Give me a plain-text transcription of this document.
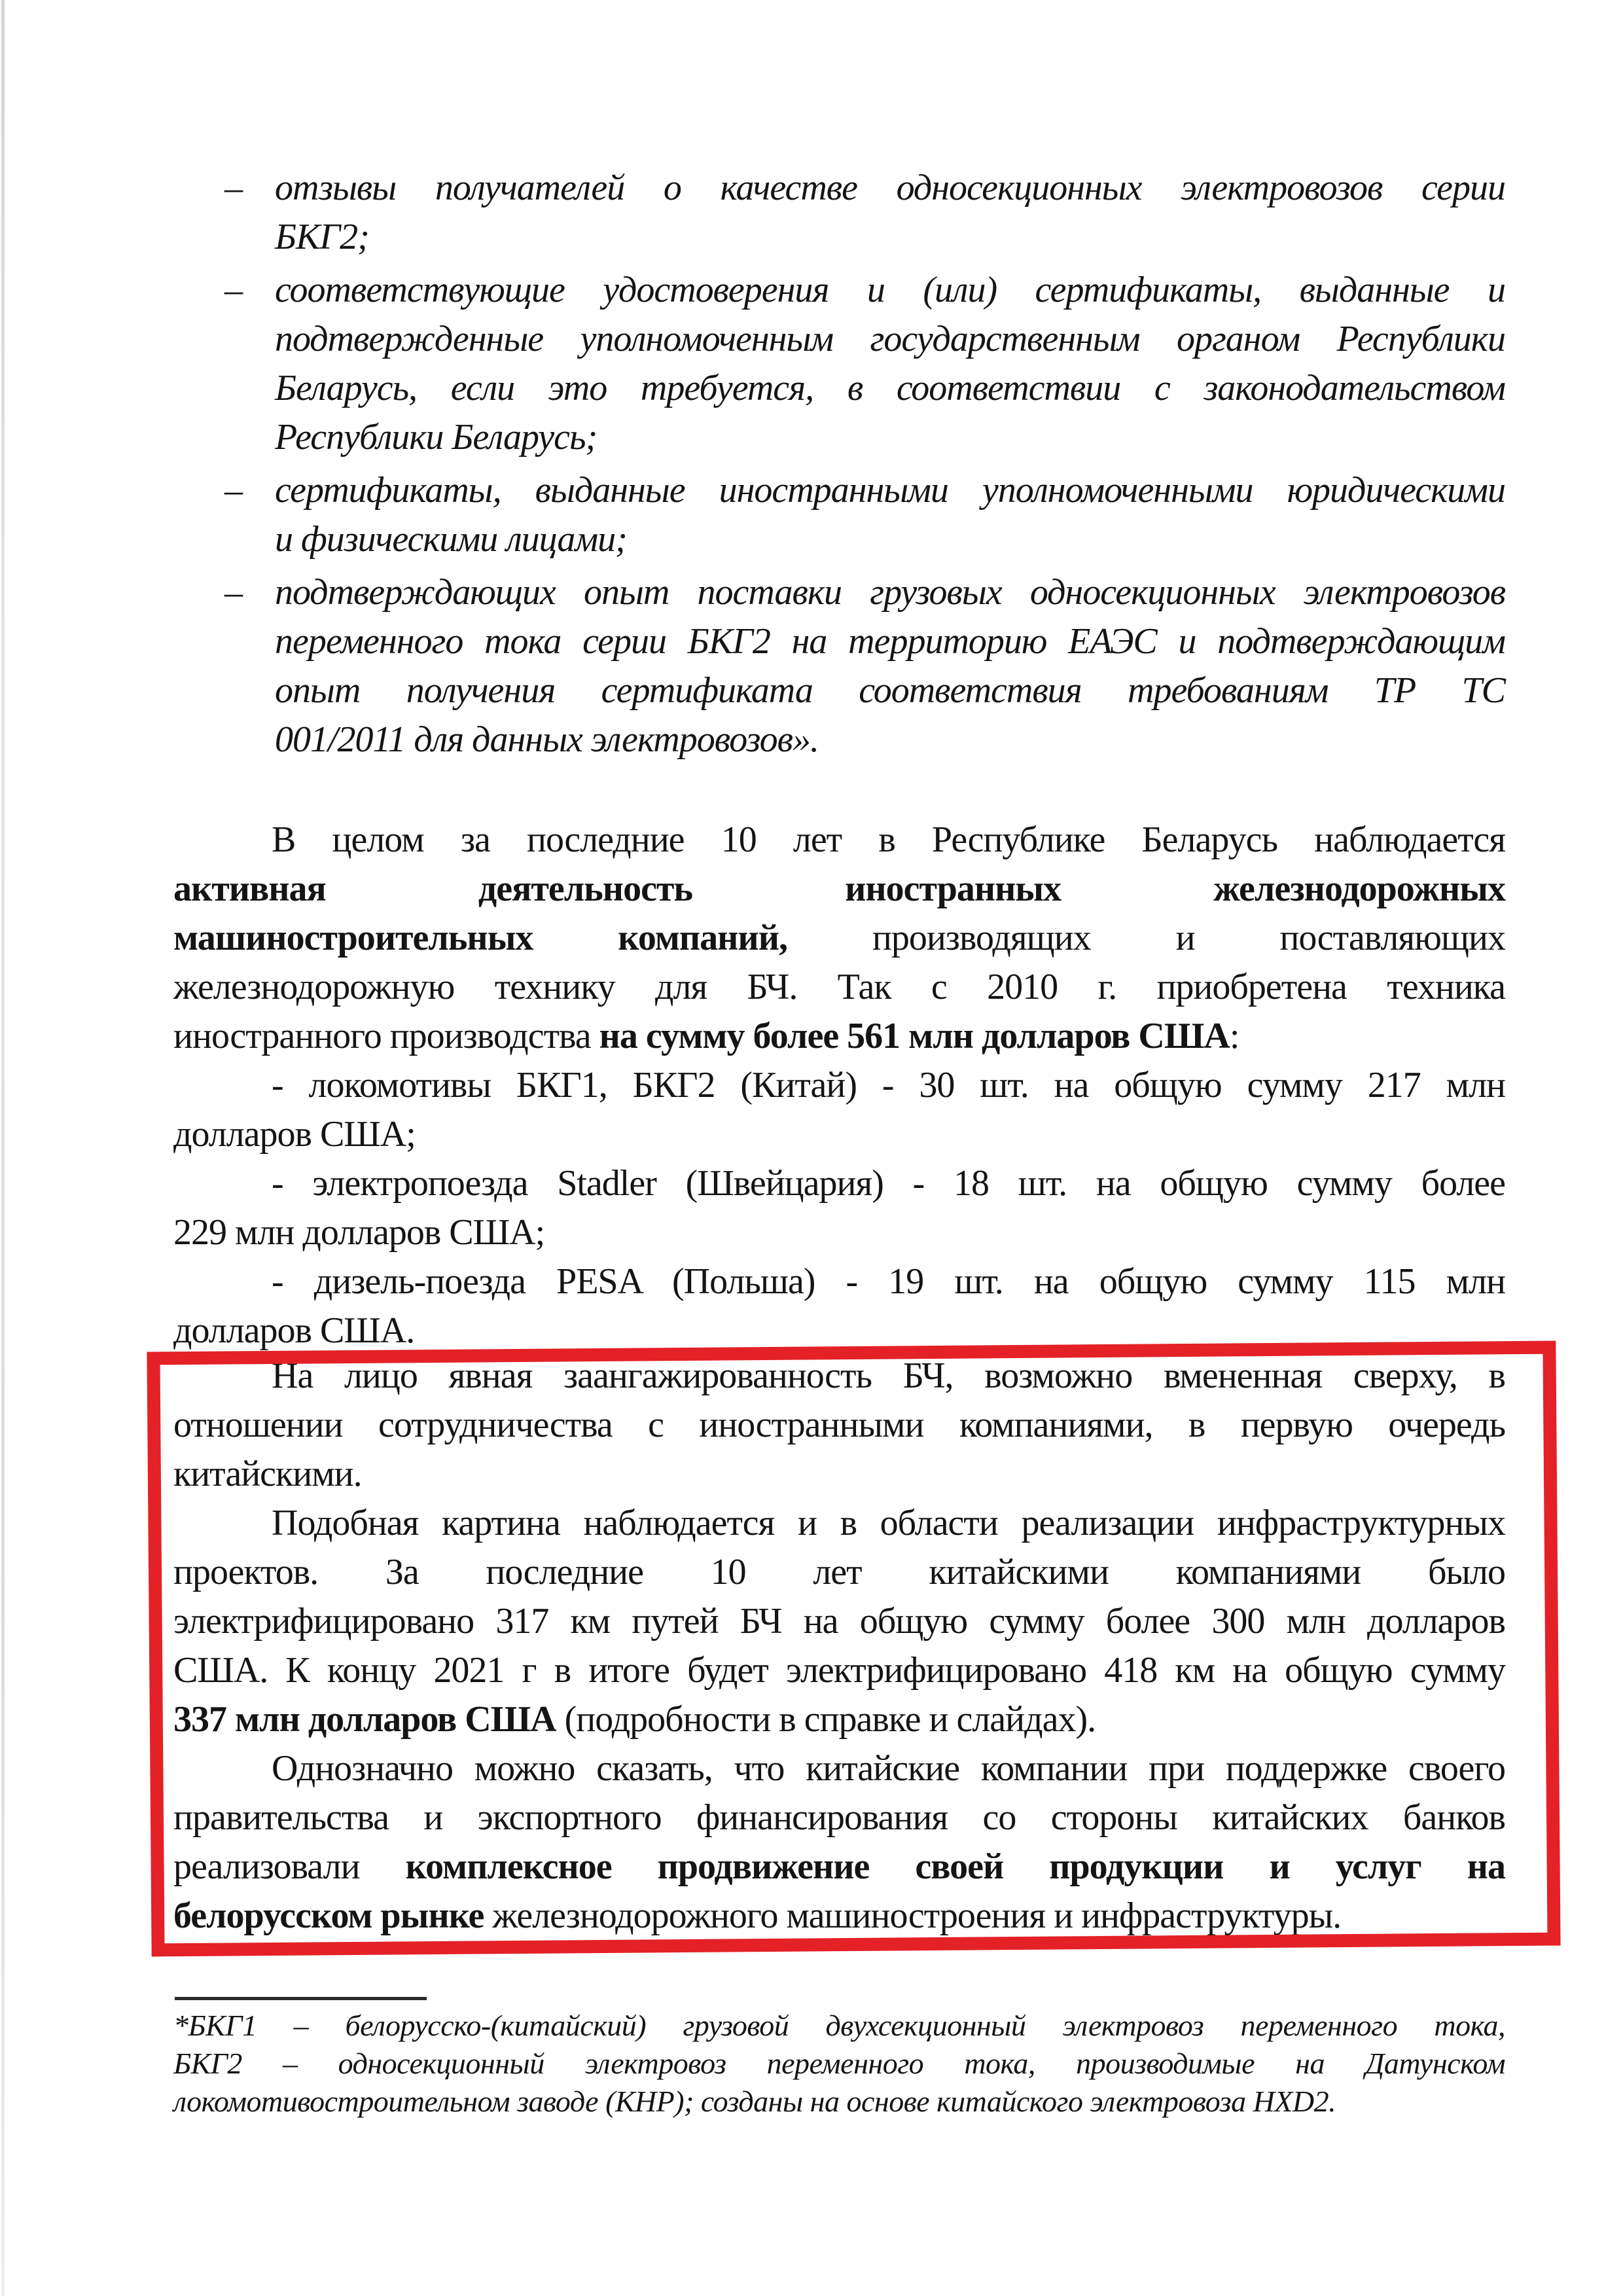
– отзывы получателей о качестве односекционных электровозов серии
БКГ2;
– соответствующие удостоверения и (или) сертификаты, выданные и
подтвержденные уполномоченным государственным органом Республики
Беларусь, если это требуется, в соответствии с законодательством
Республики Беларусь;
– сертификаты, выданные иностранными уполномоченными юридическими
и физическими лицами;
– подтверждающих опыт поставки грузовых односекционных электровозов
переменного тока серии БКГ2 на территорию ЕАЭС и подтверждающим
опыт получения сертификата соответствия требованиям ТР ТС
001/2011 для данных электровозов».
В целом за последние 10 лет в Республике Беларусь наблюдается
активная деятельность иностранных железнодорожных
машиностроительных компаний, производящих и поставляющих
железнодорожную технику для БЧ. Так с 2010 г. приобретена техника
иностранного производства на сумму более 561 млн долларов США:
- локомотивы БКГ1, БКГ2 (Китай) - 30 шт. на общую сумму 217 млн
долларов США;
- электропоезда Stadler (Швейцария) - 18 шт. на общую сумму более
229 млн долларов США;
- дизель-поезда PESA (Польша) - 19 шт. на общую сумму 115 млн
долларов США.
На лицо явная заангажированность БЧ, возможно вмененная сверху, в
отношении сотрудничества с иностранными компаниями, в первую очередь
китайскими.
Подобная картина наблюдается и в области реализации инфраструктурных
проектов. За последние 10 лет китайскими компаниями было
электрифицировано 317 км путей БЧ на общую сумму более 300 млн долларов
США. К концу 2021 г в итоге будет электрифицировано 418 км на общую сумму
337 млн долларов США (подробности в справке и слайдах).
Однозначно можно сказать, что китайские компании при поддержке своего
правительства и экспортного финансирования со стороны китайских банков
реализовали комплексное продвижение своей продукции и услуг на
белорусском рынке железнодорожного машиностроения и инфраструктуры.
*БКГ1 – белорусско-(китайский) грузовой двухсекционный электровоз переменного тока,
БКГ2 – односекционный электровоз переменного тока, производимые на Датунском
локомотивостроительном заводе (КНР); созданы на основе китайского электровоза HXD2.
